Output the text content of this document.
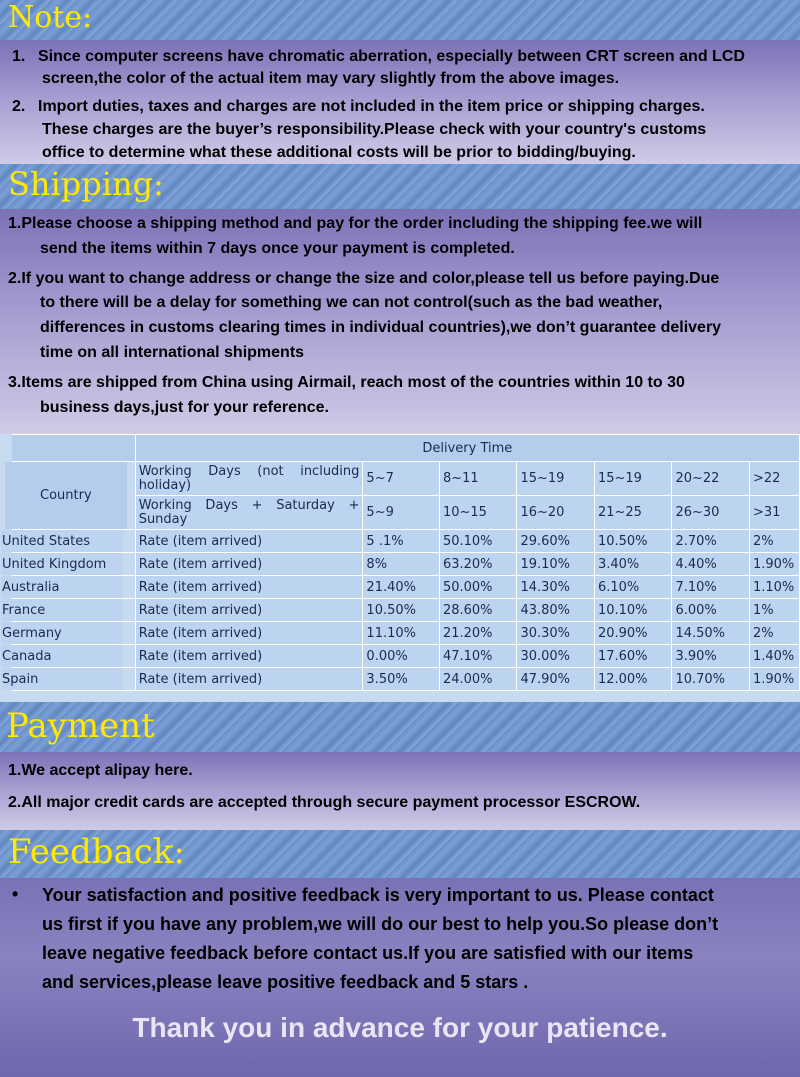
Note:
1. Since computer screens have chromatic aberration, especially between CRT screen and LCD

screen,the color of the actual item may vary slightly from the above images.

2. Import duties, taxes and charges are not included in the item price or shipping charges.

These charges are the buyer’s responsibility.Please check with your country's customs

office to determine what these additional costs will be prior to bidding/buying.

Shipping:

1.Please choose a shipping method and pay for the order including the shipping fee.we will

send the items within 7 days once your payment is completed.

2.If you want to change address or change the size and color,please tell us before paying.Due

to there will be a delay for something we can not control(such as the bad weather,

differences in customs clearing times in individual countries),we don’t guarantee delivery

time on all international shipments

3.Items are shipped from China using Airmail, reach most of the countries within 10 to 30

business days,just for your reference.

	Delivery Time
Country	Working Days (not including holiday)	5~7	8~11	15~19	15~19	20~22	>22
Working Days + Saturday + Sunday	5~9	10~15	16~20	21~25	26~30	>31
United States	Rate (item arrived)	5 .1%	50.10%	29.60%	10.50%	2.70%	2%
United Kingdom	Rate (item arrived)	8%	63.20%	19.10%	3.40%	4.40%	1.90%
Australia	Rate (item arrived)	21.40%	50.00%	14.30%	6.10%	7.10%	1.10%
France	Rate (item arrived)	10.50%	28.60%	43.80%	10.10%	6.00%	1%
Germany	Rate (item arrived)	11.10%	21.20%	30.30%	20.90%	14.50%	2%
Canada	Rate (item arrived)	0.00%	47.10%	30.00%	17.60%	3.90%	1.40%
Spain	Rate (item arrived)	3.50%	24.00%	47.90%	12.00%	10.70%	1.90%
Payment

1.We accept alipay here.

2.All major credit cards are accepted through secure payment processor ESCROW.

Feedback:
• Your satisfaction and positive feedback is very important to us. Please contact

us first if you have any problem,we will do our best to help you.So please don’t

leave negative feedback before contact us.If you are satisfied with our items

and services,please leave positive feedback and 5 stars .

Thank you in advance for your patience.
